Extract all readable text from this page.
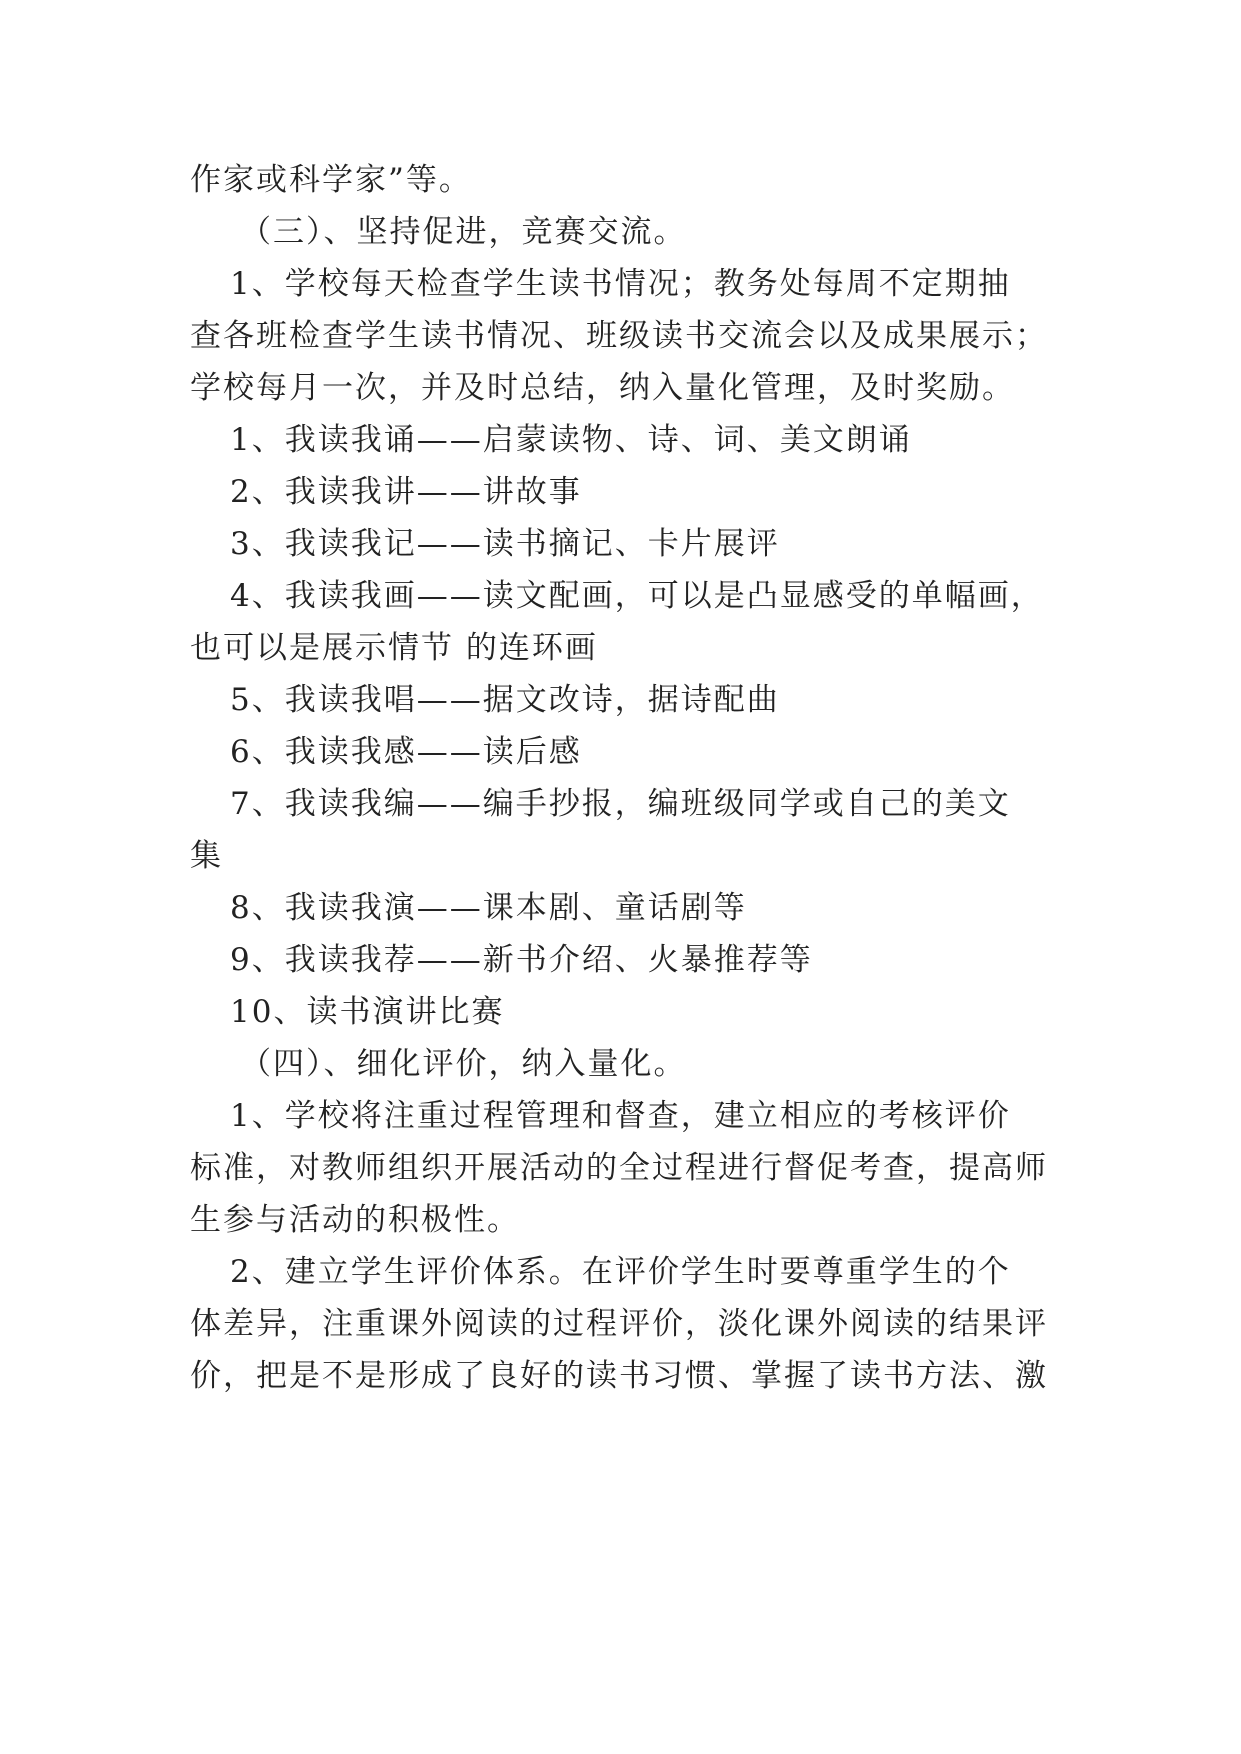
作家或科学家”等。
（三）、坚持促进，竞赛交流。
1、学校每天检查学生读书情况；教务处每周不定期抽
查各班检查学生读书情况、班级读书交流会以及成果展示；
学校每月一次，并及时总结，纳入量化管理，及时奖励。
1、我读我诵——启蒙读物、诗、词、美文朗诵
2、我读我讲——讲故事
3、我读我记——读书摘记、卡片展评
4、我读我画——读文配画，可以是凸显感受的单幅画，
也可以是展示情节 的连环画
5、我读我唱——据文改诗，据诗配曲
6、我读我感——读后感
7、我读我编——编手抄报，编班级同学或自己的美文
集
8、我读我演——课本剧、童话剧等
9、我读我荐——新书介绍、火暴推荐等
10、读书演讲比赛
（四）、细化评价，纳入量化。
1、学校将注重过程管理和督查，建立相应的考核评价
标准，对教师组织开展活动的全过程进行督促考查，提高师
生参与活动的积极性。
2、建立学生评价体系。在评价学生时要尊重学生的个
体差异，注重课外阅读的过程评价，淡化课外阅读的结果评
价，把是不是形成了良好的读书习惯、掌握了读书方法、激
